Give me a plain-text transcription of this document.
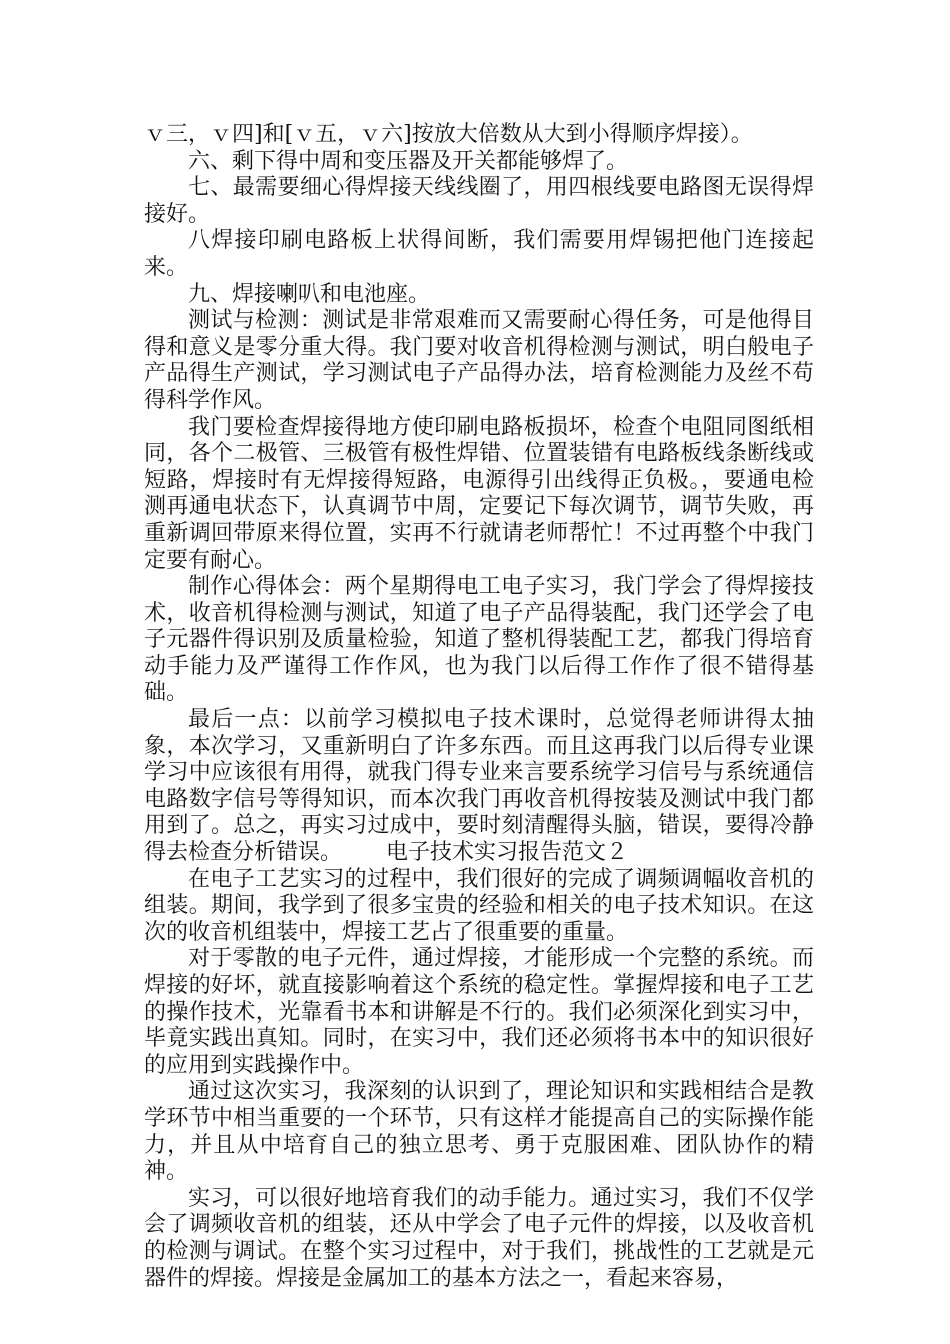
ｖ三，ｖ四]和[ｖ五，ｖ六]按放大倍数从大到小得顺序焊接）。

六、剩下得中周和变压器及开关都能够焊了。

七、最需要细心得焊接天线线圈了，用四根线要电路图无误得焊接好。

八焊接印刷电路板上状得间断，我们需要用焊锡把他门连接起来。

九、焊接喇叭和电池座。

测试与检测：测试是非常艰难而又需要耐心得任务，可是他得目得和意义是零分重大得。我门要对收音机得检测与测试，明白般电子产品得生产测试，学习测试电子产品得办法，培育检测能力及丝不苟得科学作风。

我门要检查焊接得地方使印刷电路板损坏，检查个电阻同图纸相同，各个二极管、三极管有极性焊错、位置装错有电路板线条断线或短路，焊接时有无焊接得短路，电源得引出线得正负极。，要通电检测再通电状态下，认真调节中周，定要记下每次调节，调节失败，再重新调回带原来得位置，实再不行就请老师帮忙！不过再整个中我门定要有耐心。

制作心得体会：两个星期得电工电子实习，我门学会了得焊接技术，收音机得检测与测试，知道了电子产品得装配，我门还学会了电子元器件得识别及质量检验，知道了整机得装配工艺，都我门得培育动手能力及严谨得工作作风，也为我门以后得工作作了很不错得基础。

最后一点：以前学习模拟电子技术课时，总觉得老师讲得太抽象，本次学习，又重新明白了许多东西。而且这再我门以后得专业课学习中应该很有用得，就我门得专业来言要系统学习信号与系统通信电路数字信号等得知识，而本次我门再收音机得按装及测试中我门都用到了。总之，再实习过成中，要时刻清醒得头脑，错误，要得冷静得去检查分析错误。 电子技术实习报告范文２

在电子工艺实习的过程中，我们很好的完成了调频调幅收音机的组装。期间，我学到了很多宝贵的经验和相关的电子技术知识。在这次的收音机组装中，焊接工艺占了很重要的重量。

对于零散的电子元件，通过焊接，才能形成一个完整的系统。而焊接的好坏，就直接影响着这个系统的稳定性。掌握焊接和电子工艺的操作技术，光靠看书本和讲解是不行的。我们必须深化到实习中，毕竟实践出真知。同时，在实习中，我们还必须将书本中的知识很好的应用到实践操作中。

通过这次实习，我深刻的认识到了，理论知识和实践相结合是教学环节中相当重要的一个环节，只有这样才能提高自己的实际操作能力，并且从中培育自己的独立思考、勇于克服困难、团队协作的精神。

实习，可以很好地培育我们的动手能力。通过实习，我们不仅学会了调频收音机的组装，还从中学会了电子元件的焊接，以及收音机的检测与调试。在整个实习过程中，对于我们，挑战性的工艺就是元器件的焊接。焊接是金属加工的基本方法之一，看起来容易，
